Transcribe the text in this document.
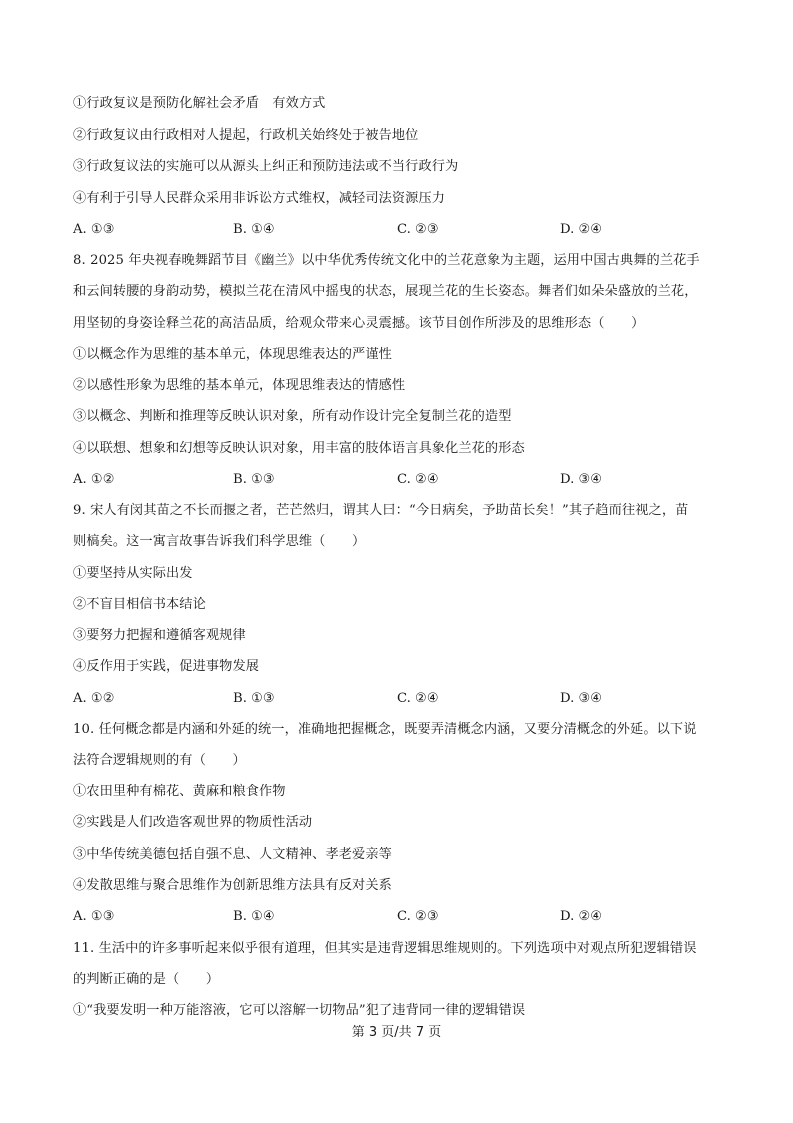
①行政复议是预防化解社会矛盾　有效方式
②行政复议由行政相对人提起，行政机关始终处于被告地位
③行政复议法的实施可以从源头上纠正和预防违法或不当行政行为
④有利于引导人民群众采用非诉讼方式维权，减轻司法资源压力
A. ①③	B. ①④	C. ②③	D. ②④
8. 2025 年央视春晚舞蹈节目《幽兰》以中华优秀传统文化中的兰花意象为主题，运用中国古典舞的兰花手
和云间转腰的身韵动势，模拟兰花在清风中摇曳的状态，展现兰花的生长姿态。舞者们如朵朵盛放的兰花，
用坚韧的身姿诠释兰花的高洁品质，给观众带来心灵震撼。该节目创作所涉及的思维形态（　　）
①以概念作为思维的基本单元，体现思维表达的严谨性
②以感性形象为思维的基本单元，体现思维表达的情感性
③以概念、判断和推理等反映认识对象，所有动作设计完全复制兰花的造型
④以联想、想象和幻想等反映认识对象，用丰富的肢体语言具象化兰花的形态
A. ①②	B. ①③	C. ②④	D. ③④
9. 宋人有闵其苗之不长而揠之者，芒芒然归，谓其人曰：“今日病矣，予助苗长矣！”其子趋而往视之，苗
则槁矣。这一寓言故事告诉我们科学思维（　　）
①要坚持从实际出发
②不盲目相信书本结论
③要努力把握和遵循客观规律
④反作用于实践，促进事物发展
A. ①②	B. ①③	C. ②④	D. ③④
10. 任何概念都是内涵和外延的统一，准确地把握概念，既要弄清概念内涵，又要分清概念的外延。以下说
法符合逻辑规则的有（　　）
①农田里种有棉花、黄麻和粮食作物
②实践是人们改造客观世界的物质性活动
③中华传统美德包括自强不息、人文精神、孝老爱亲等
④发散思维与聚合思维作为创新思维方法具有反对关系
A. ①③	B. ①④	C. ②③	D. ②④
11. 生活中的许多事听起来似乎很有道理，但其实是违背逻辑思维规则的。下列选项中对观点所犯逻辑错误
的判断正确的是（　　）
①“我要发明一种万能溶液，它可以溶解一切物品”犯了违背同一律的逻辑错误
第 3 页/共 7 页
